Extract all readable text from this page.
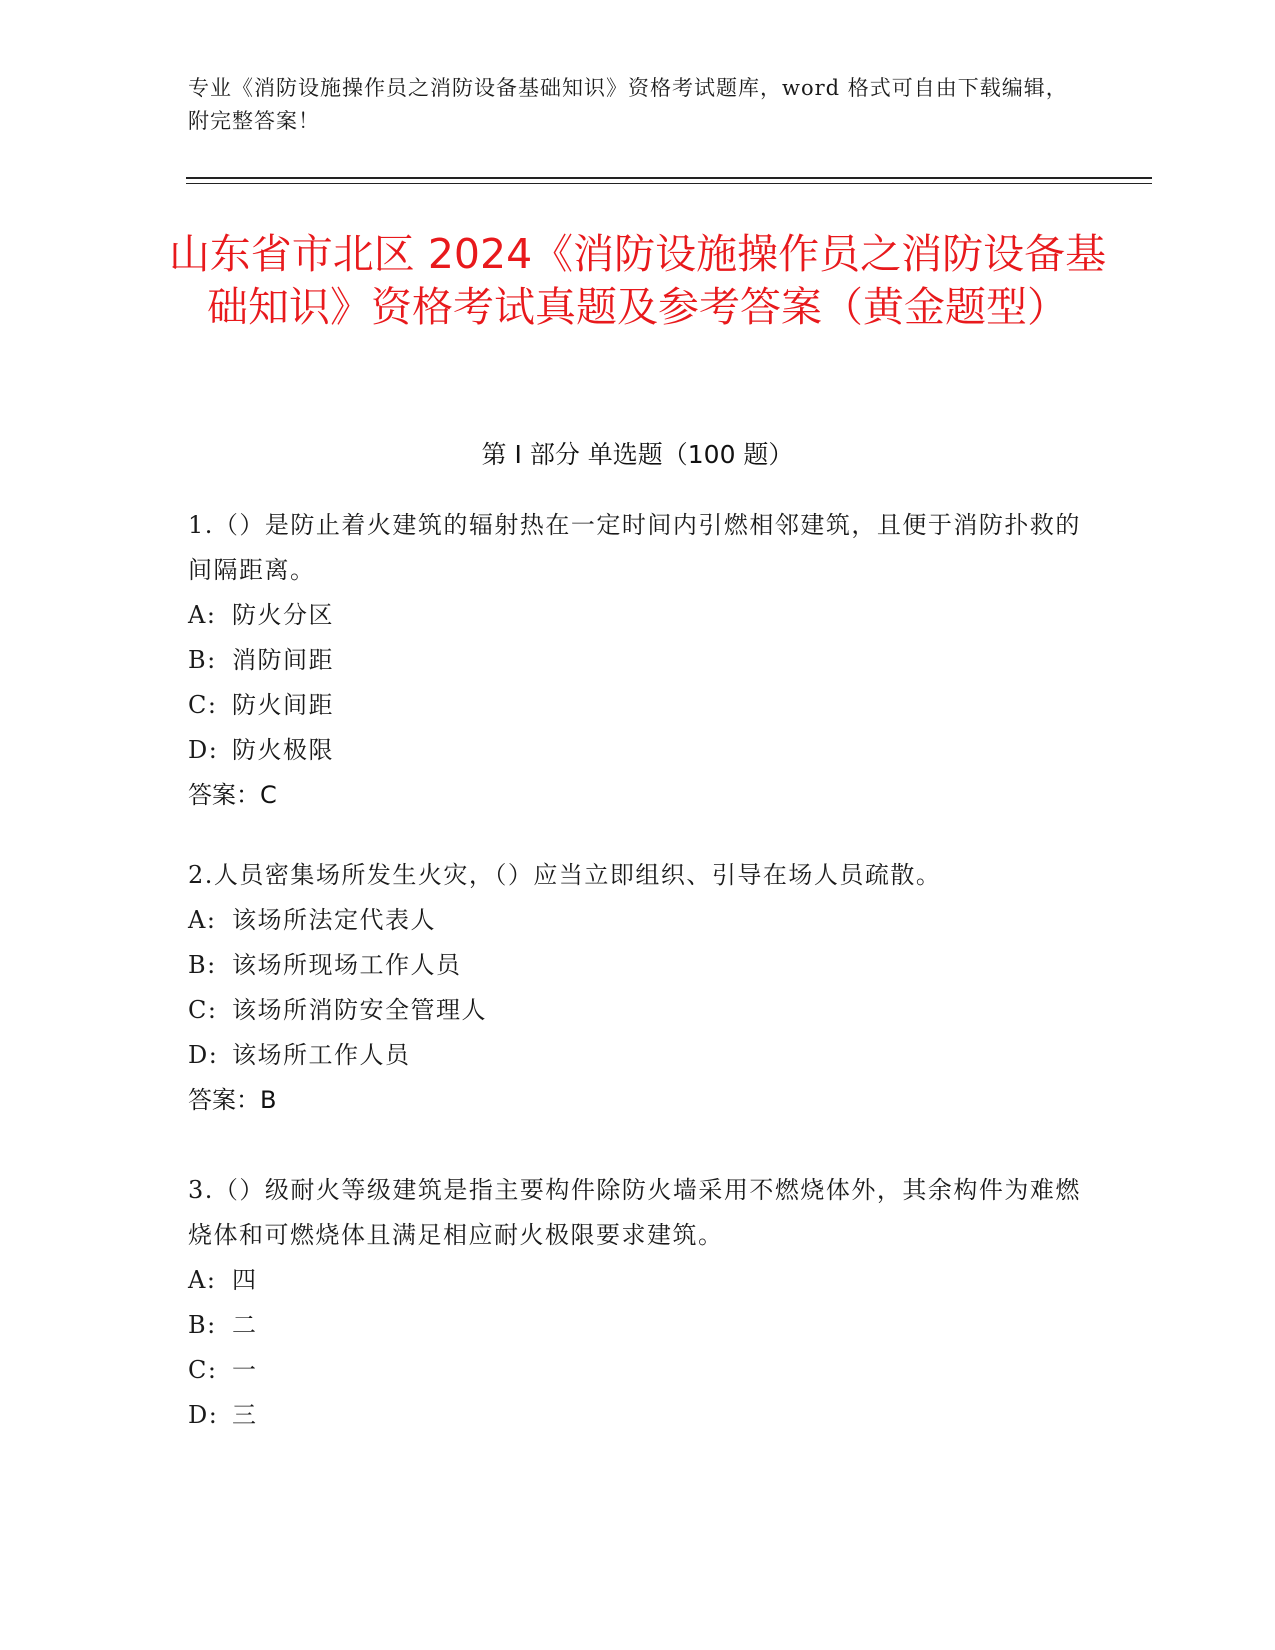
专业《消防设施操作员之消防设备基础知识》资格考试题库，word 格式可自由下载编辑，附完整答案！
山东省市北区 2024《消防设施操作员之消防设备基础知识》资格考试真题及参考答案（黄金题型）
第 I 部分 单选题（100 题）
1.（）是防止着火建筑的辐射热在一定时间内引燃相邻建筑，且便于消防扑救的间隔距离。
A: 防火分区
B: 消防间距
C: 防火间距
D: 防火极限
答案：C
2.人员密集场所发生火灾，（）应当立即组织、引导在场人员疏散。
A: 该场所法定代表人
B: 该场所现场工作人员
C: 该场所消防安全管理人
D: 该场所工作人员
答案：B
3.（）级耐火等级建筑是指主要构件除防火墙采用不燃烧体外，其余构件为难燃烧体和可燃烧体且满足相应耐火极限要求建筑。
A: 四
B: 二
C: 一
D: 三
